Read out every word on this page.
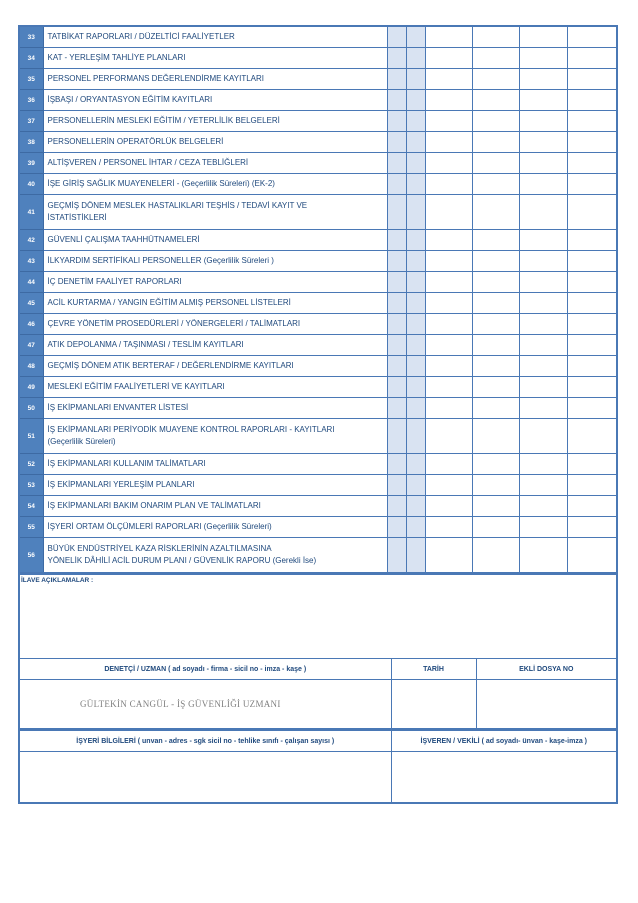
33	TATBİKAT RAPORLARI / DÜZELTİCİ FAALİYETLER						
34	KAT - YERLEŞİM TAHLİYE PLANLARI						
35	PERSONEL PERFORMANS DEĞERLENDİRME KAYITLARI						
36	İŞBAŞI / ORYANTASYON EĞİTİM KAYITLARI						
37	PERSONELLERİN MESLEKİ EĞİTİM / YETERLİLİK BELGELERİ						
38	PERSONELLERİN OPERATÖRLÜK BELGELERİ						
39	ALTİŞVEREN / PERSONEL İHTAR / CEZA TEBLİĞLERİ						
40	İŞE GİRİŞ SAĞLIK MUAYENELERİ - (Geçerlilik Süreleri) (EK-2)						
41	GEÇMİŞ DÖNEM MESLEK HASTALIKLARI TEŞHİS / TEDAVİ KAYIT VE
İSTATİSTİKLERİ						

42	GÜVENLİ ÇALIŞMA TAAHHÜTNAMELERİ						
43	İLKYARDIM SERTİFİKALI PERSONELLER (Geçerlilik Süreleri )						
44	İÇ DENETİM FAALİYET RAPORLARI						
45	ACİL KURTARMA / YANGIN EĞİTİM ALMIŞ PERSONEL LİSTELERİ						
46	ÇEVRE YÖNETİM PROSEDÜRLERİ / YÖNERGELERİ / TALİMATLARI						
47	ATIK DEPOLANMA / TAŞINMASI / TESLİM KAYITLARI						
48	GEÇMİŞ DÖNEM ATIK BERTERAF / DEĞERLENDİRME KAYITLARI						
49	MESLEKİ EĞİTİM FAALİYETLERİ VE KAYITLARI						
50	İŞ EKİPMANLARI ENVANTER LİSTESİ						
51	İŞ EKİPMANLARI PERİYODİK MUAYENE KONTROL RAPORLARI - KAYITLARI
(Geçerlilik Süreleri)						

52	İŞ EKİPMANLARI KULLANIM TALİMATLARI						
53	İŞ EKİPMANLARI YERLEŞİM PLANLARI						
54	İŞ EKİPMANLARI BAKIM ONARIM PLAN VE TALİMATLARI						
55	İŞYERİ ORTAM ÖLÇÜMLERİ RAPORLARI (Geçerlilik Süreleri)						
56	BÜYÜK ENDÜSTRİYEL KAZA RİSKLERİNİN AZALTILMASINA
YÖNELİK DÂHİLİ ACİL DURUM PLANI / GÜVENLİK RAPORU (Gerekli İse)						

İLAVE AÇIKLAMALAR :		

DENETÇİ / UZMAN ( ad soyadı - firma - sicil no - imza - kaşe )	TARİH	EKLİ DOSYA NO
GÜLTEKİN CANGÜL - İŞ GÜVENLİĞİ UZMANI		
İŞYERİ BİLGİLERİ ( unvan - adres - sgk sicil no - tehlike sınıfı - çalışan sayısı )	İŞVEREN / VEKİLİ ( ad soyadı- ünvan - kaşe-imza )
